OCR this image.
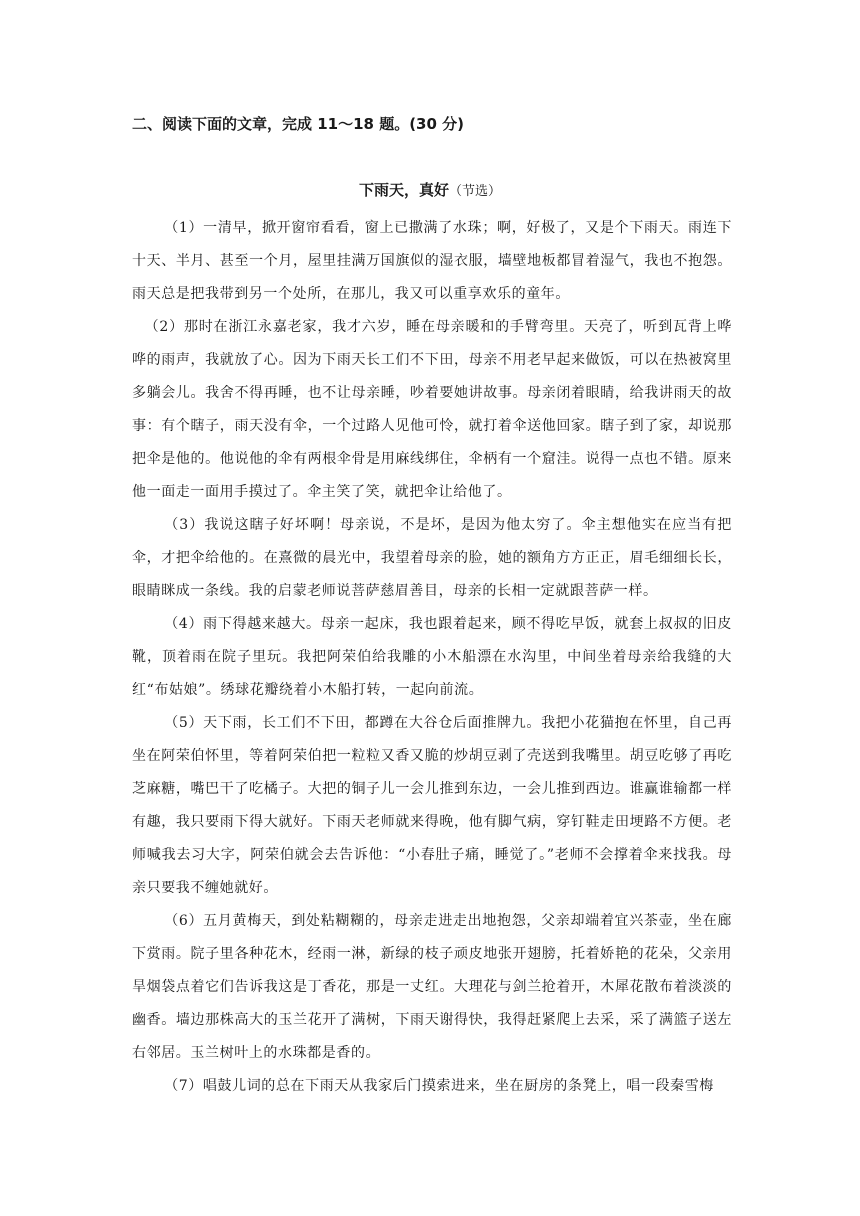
二、阅读下面的文章，完成 11～18 题。(30 分)
下雨天，真好（节选）

（1）一清早，掀开窗帘看看，窗上已撒满了水珠；啊，好极了，又是个下雨天。雨连下十天、半月、甚至一个月，屋里挂满万国旗似的湿衣服，墙壁地板都冒着湿气，我也不抱怨。雨天总是把我带到另一个处所，在那儿，我又可以重享欢乐的童年。

（2）那时在浙江永嘉老家，我才六岁，睡在母亲暖和的手臂弯里。天亮了，听到瓦背上哗哗的雨声，我就放了心。因为下雨天长工们不下田，母亲不用老早起来做饭，可以在热被窝里多躺会儿。我舍不得再睡，也不让母亲睡，吵着要她讲故事。母亲闭着眼睛，给我讲雨天的故事：有个瞎子，雨天没有伞，一个过路人见他可怜，就打着伞送他回家。瞎子到了家，却说那把伞是他的。他说他的伞有两根伞骨是用麻线绑住，伞柄有一个窟洼。说得一点也不错。原来他一面走一面用手摸过了。伞主笑了笑，就把伞让给他了。

（3）我说这瞎子好坏啊！母亲说，不是坏，是因为他太穷了。伞主想他实在应当有把伞，才把伞给他的。在熹微的晨光中，我望着母亲的脸，她的额角方方正正，眉毛细细长长，眼睛眯成一条线。我的启蒙老师说菩萨慈眉善目，母亲的长相一定就跟菩萨一样。

（4）雨下得越来越大。母亲一起床，我也跟着起来，顾不得吃早饭，就套上叔叔的旧皮靴，顶着雨在院子里玩。我把阿荣伯给我雕的小木船漂在水沟里，中间坐着母亲给我缝的大红“布姑娘”。绣球花瓣绕着小木船打转，一起向前流。

（5）天下雨，长工们不下田，都蹲在大谷仓后面推牌九。我把小花猫抱在怀里，自己再坐在阿荣伯怀里，等着阿荣伯把一粒粒又香又脆的炒胡豆剥了壳送到我嘴里。胡豆吃够了再吃芝麻糖，嘴巴干了吃橘子。大把的铜子儿一会儿推到东边，一会儿推到西边。谁赢谁输都一样有趣，我只要雨下得大就好。下雨天老师就来得晚，他有脚气病，穿钉鞋走田埂路不方便。老师喊我去习大字，阿荣伯就会去告诉他：“小春肚子痛，睡觉了。”老师不会撑着伞来找我。母亲只要我不缠她就好。

（6）五月黄梅天，到处粘糊糊的，母亲走进走出地抱怨，父亲却端着宜兴茶壶，坐在廊下赏雨。院子里各种花木，经雨一淋，新绿的枝子顽皮地张开翅膀，托着娇艳的花朵，父亲用旱烟袋点着它们告诉我这是丁香花，那是一丈红。大理花与剑兰抢着开，木犀花散布着淡淡的幽香。墙边那株高大的玉兰花开了满树，下雨天谢得快，我得赶紧爬上去采，采了满篮子送左右邻居。玉兰树叶上的水珠都是香的。

（7）唱鼓儿词的总在下雨天从我家后门摸索进来，坐在厨房的条凳上，唱一段秦雪梅
